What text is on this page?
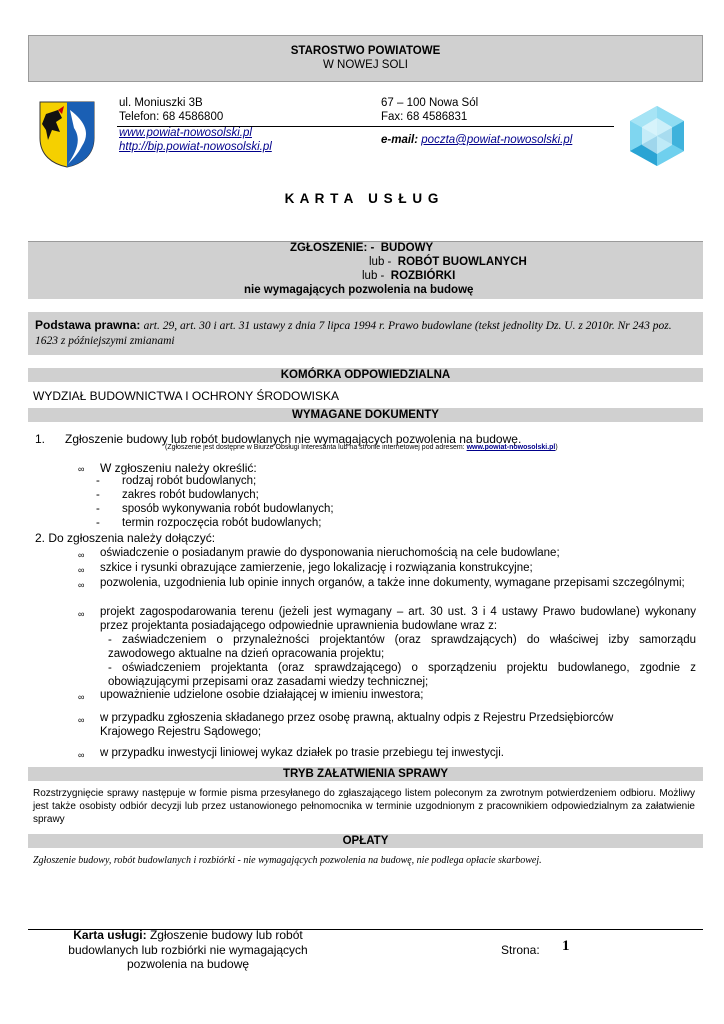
STAROSTWO POWIATOWE
W NOWEJ SOLI
ul. Moniuszki 3B
Telefon: 68 4586800
www.powiat-nowosolski.pl
http://bip.powiat-nowosolski.pl
67 – 100 Nowa Sól
Fax: 68 4586831
e-mail: poczta@powiat-nowosolski.pl
K A R T A   U S Ł U G
ZGŁOSZENIE: - BUDOWY
lub - ROBÓT BUOWLANYCH
lub - ROZBIÓRKI
nie wymagających pozwolenia na budowę
Podstawa prawna: art. 29, art. 30 i art. 31 ustawy z dnia 7 lipca 1994 r. Prawo budowlane (tekst jednolity Dz. U. z 2010r. Nr 243 poz. 1623 z późniejszymi zmianami
KOMÓRKA ODPOWIEDZIALNA
WYDZIAŁ BUDOWNICTWA I OCHRONY ŚRODOWISKA
WYMAGANE DOKUMENTY
1. Zgłoszenie budowy lub robót budowlanych nie wymagających pozwolenia na budowę.
(Zgłoszenie jest dostępne w Biurze Obsługi Interesanta lub na stronie internetowej pod adresem: www.powiat-nowosolski.pl)
∞ W zgłoszeniu należy określić:
- rodzaj robót budowlanych;
- zakres robót budowlanych;
- sposób wykonywania robót budowlanych;
- termin rozpoczęcia robót budowlanych;
2. Do zgłoszenia należy dołączyć:
∞ oświadczenie o posiadanym prawie do dysponowania nieruchomością na cele budowlane;
∞ szkice i rysunki obrazujące zamierzenie, jego lokalizację i rozwiązania konstrukcyjne;
∞ pozwolenia, uzgodnienia lub opinie innych organów, a także inne dokumenty, wymagane przepisami szczególnymi;
∞ projekt zagospodarowania terenu (jeżeli jest wymagany – art. 30 ust. 3 i 4 ustawy Prawo budowlane) wykonany przez projektanta posiadającego odpowiednie uprawnienia budowlane wraz z:
- zaświadczeniem o przynależności projektantów (oraz sprawdzających) do właściwej izby samorządu zawodowego aktualne na dzień opracowania projektu;
- oświadczeniem projektanta (oraz sprawdzającego) o sporządzeniu projektu budowlanego, zgodnie z obowiązującymi przepisami oraz zasadami wiedzy technicznej;
∞ upoważnienie udzielone osobie działającej w imieniu inwestora;
∞ w przypadku zgłoszenia składanego przez osobę prawną, aktualny odpis z Rejestru Przedsiębiorców Krajowego Rejestru Sądowego;
∞ w przypadku inwestycji liniowej wykaz działek po trasie przebiegu tej inwestycji.
TRYB ZAŁATWIENIA SPRAWY
Rozstrzygnięcie sprawy następuje w formie pisma przesyłanego do zgłaszającego listem poleconym za zwrotnym potwierdzeniem odbioru. Możliwy jest także osobisty odbiór decyzji lub przez ustanowionego pełnomocnika w terminie uzgodnionym z pracownikiem odpowiedzialnym za załatwienie sprawy
OPŁATY
Zgłoszenie budowy, robót budowlanych i rozbiórki - nie wymagających pozwolenia na budowę, nie podlega opłacie skarbowej.
Karta usługi: Zgłoszenie budowy lub robót budowlanych lub rozbiórki nie wymagających pozwolenia na budowę
Strona: 1
